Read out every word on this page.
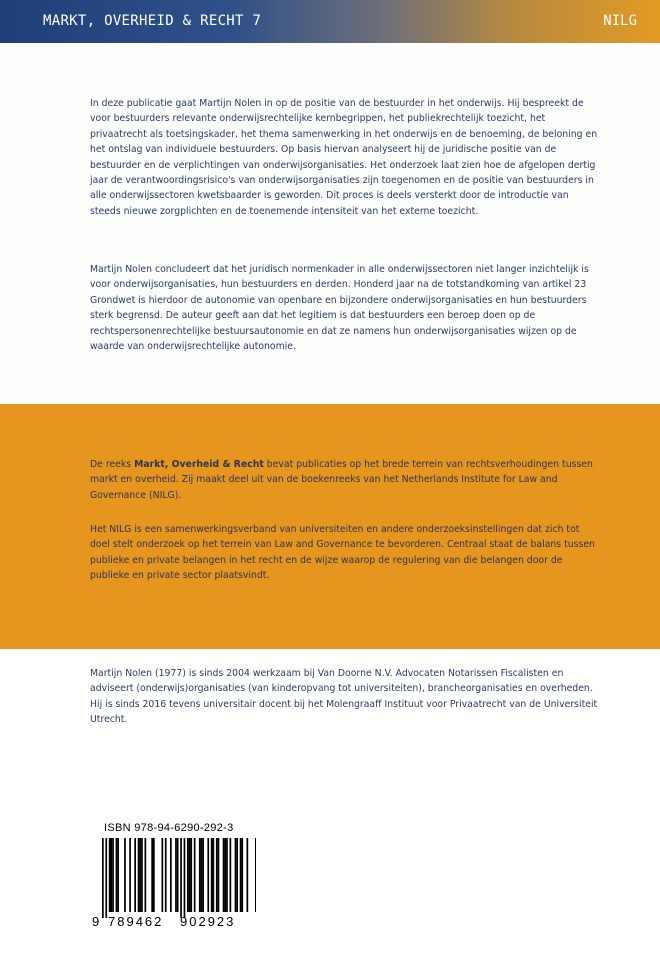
MARKT, OVERHEID & RECHT 7	NILG

In deze publicatie gaat Martijn Nolen in op de positie van de bestuurder in het onderwijs. Hij bespreekt de voor bestuurders relevante onderwijsrechtelijke kernbegrippen, het publiekrechtelijk toezicht, het privaatrecht als toetsingskader, het thema samenwerking in het onderwijs en de benoeming, de beloning en het ontslag van individuele bestuurders. Op basis hiervan analyseert hij de juridische positie van de bestuurder en de verplichtingen van onderwijsorganisaties. Het onderzoek laat zien hoe de afgelopen dertig jaar de verantwoordingsrisico's van onderwijsorganisaties zijn toegenomen en de positie van bestuurders in alle onderwijssectoren kwetsbaarder is geworden. Dit proces is deels versterkt door de introductie van steeds nieuwe zorgplichten en de toenemende intensiteit van het externe toezicht.

Martijn Nolen concludeert dat het juridisch normenkader in alle onderwijssectoren niet langer inzichtelijk is voor onderwijsorganisaties, hun bestuurders en derden. Honderd jaar na de totstandkoming van artikel 23 Grondwet is hierdoor de autonomie van openbare en bijzondere onderwijsorganisaties en hun bestuurders sterk begrensd. De auteur geeft aan dat het legitiem is dat bestuurders een beroep doen op de rechtspersonenrechtelijke bestuursautonomie en dat ze namens hun onderwijsorganisaties wijzen op de waarde van onderwijsrechtelijke autonomie.

De reeks Markt, Overheid & Recht bevat publicaties op het brede terrein van rechtsverhoudingen tussen markt en overheid. Zij maakt deel uit van de boekenreeks van het Netherlands Institute for Law and Governance (NILG).

Het NILG is een samenwerkingsverband van universiteiten en andere onderzoeksinstellingen dat zich tot doel stelt onderzoek op het terrein van Law and Governance te bevorderen. Centraal staat de balans tussen publieke en private belangen in het recht en de wijze waarop de regulering van die belangen door de publieke en private sector plaatsvindt.

Martijn Nolen (1977) is sinds 2004 werkzaam bij Van Doorne N.V. Advocaten Notarissen Fiscalisten en adviseert (onderwijs)organisaties (van kinderopvang tot universiteiten), brancheorganisaties en overheden. Hij is sinds 2016 tevens universitair docent bij het Molengraaff Instituut voor Privaatrecht van de Universiteit Utrecht.

ISBN 978-94-6290-292-3
9 789462 902923
